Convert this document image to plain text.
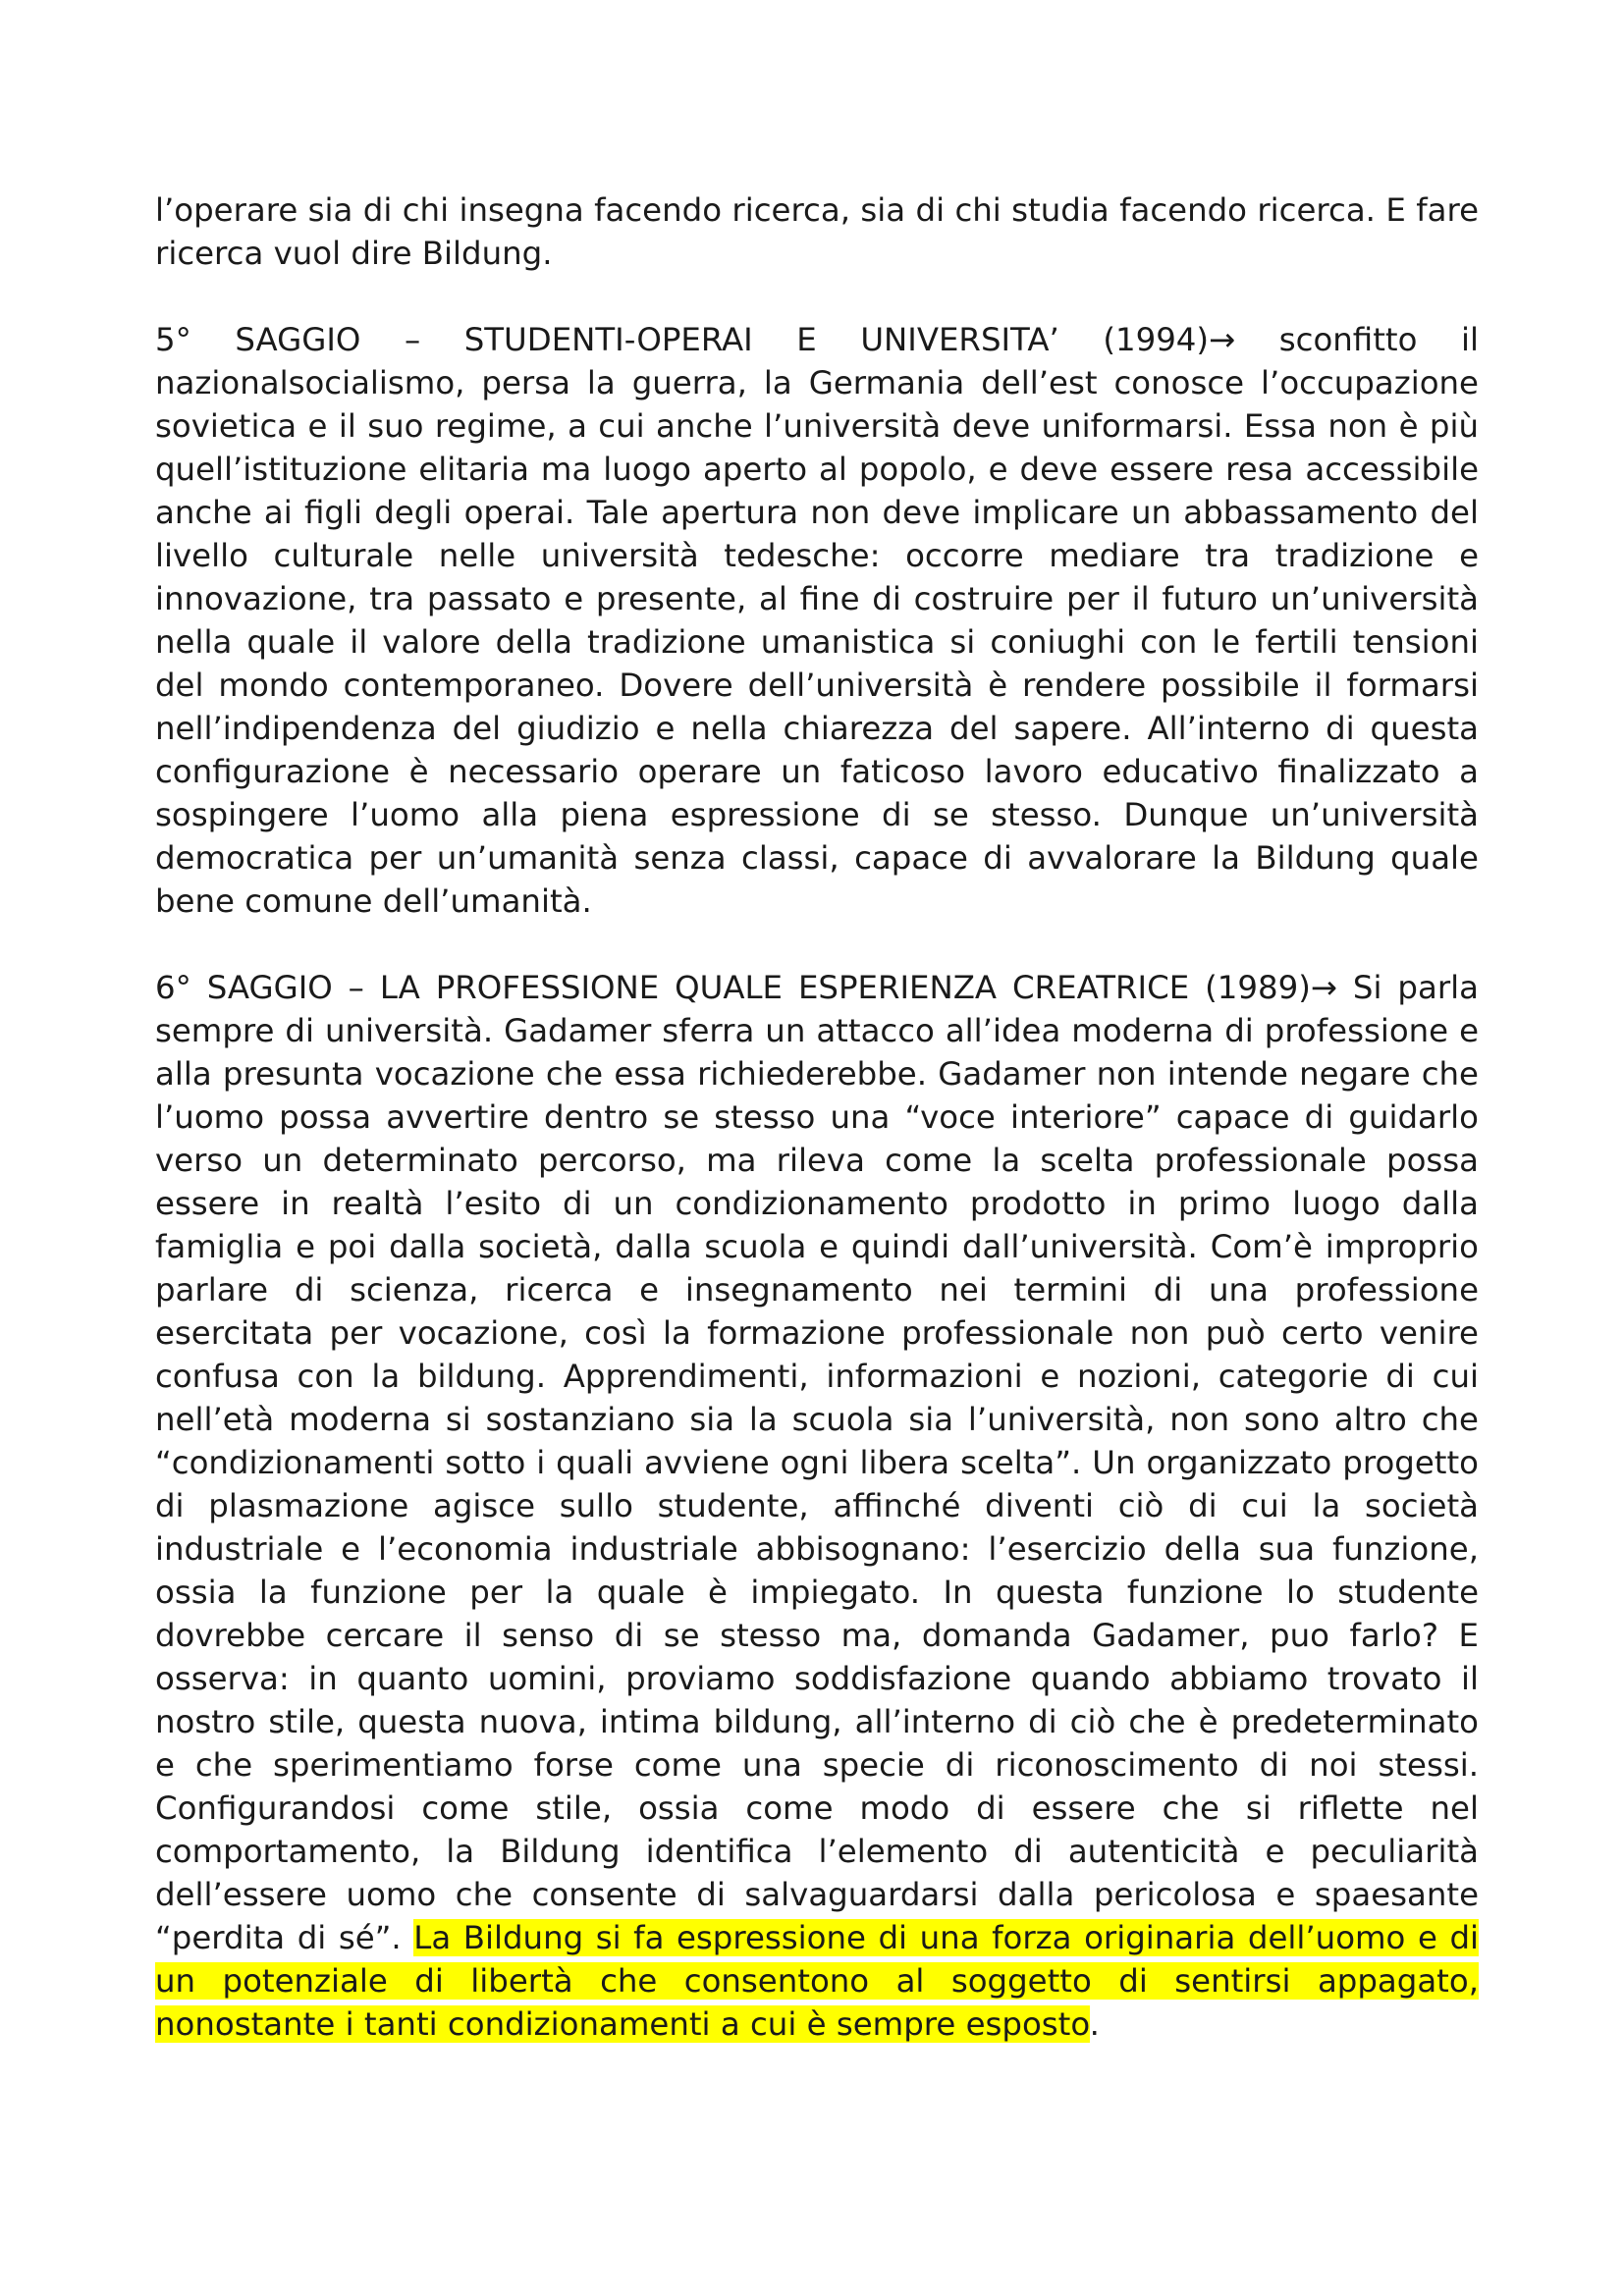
l’operare sia di chi insegna facendo ricerca, sia di chi studia facendo ricerca. E fare ricerca vuol dire Bildung.

5° SAGGIO – STUDENTI-OPERAI E UNIVERSITA’ (1994)→ sconfitto il nazionalsocialismo, persa la guerra, la Germania dell’est conosce l’occupazione sovietica e il suo regime, a cui anche l’università deve uniformarsi. Essa non è più quell’istituzione elitaria ma luogo aperto al popolo, e deve essere resa accessibile anche ai figli degli operai. Tale apertura non deve implicare un abbassamento del livello culturale nelle università tedesche: occorre mediare tra tradizione e innovazione, tra passato e presente, al fine di costruire per il futuro un’università nella quale il valore della tradizione umanistica si coniughi con le fertili tensioni del mondo contemporaneo. Dovere dell’università è rendere possibile il formarsi nell’indipendenza del giudizio e nella chiarezza del sapere. All’interno di questa configurazione è necessario operare un faticoso lavoro educativo finalizzato a sospingere l’uomo alla piena espressione di se stesso. Dunque un’università democratica per un’umanità senza classi, capace di avvalorare la Bildung quale bene comune dell’umanità.

6° SAGGIO – LA PROFESSIONE QUALE ESPERIENZA CREATRICE (1989)→ Si parla sempre di università. Gadamer sferra un attacco all’idea moderna di professione e alla presunta vocazione che essa richiederebbe. Gadamer non intende negare che l’uomo possa avvertire dentro se stesso una “voce interiore” capace di guidarlo verso un determinato percorso, ma rileva come la scelta professionale possa essere in realtà l’esito di un condizionamento prodotto in primo luogo dalla famiglia e poi dalla società, dalla scuola e quindi dall’università. Com’è improprio parlare di scienza, ricerca e insegnamento nei termini di una professione esercitata per vocazione, così la formazione professionale non può certo venire confusa con la bildung. Apprendimenti, informazioni e nozioni, categorie di cui nell’età moderna si sostanziano sia la scuola sia l’università, non sono altro che “condizionamenti sotto i quali avviene ogni libera scelta”. Un organizzato progetto di plasmazione agisce sullo studente, affinché diventi ciò di cui la società industriale e l’economia industriale abbisognano: l’esercizio della sua funzione, ossia la funzione per la quale è impiegato. In questa funzione lo studente dovrebbe cercare il senso di se stesso ma, domanda Gadamer, puo farlo? E osserva: in quanto uomini, proviamo soddisfazione quando abbiamo trovato il nostro stile, questa nuova, intima bildung, all’interno di ciò che è predeterminato e che sperimentiamo forse come una specie di riconoscimento di noi stessi. Configurandosi come stile, ossia come modo di essere che si riflette nel comportamento, la Bildung identifica l’elemento di autenticità e peculiarità dell’essere uomo che consente di salvaguardarsi dalla pericolosa e spaesante “perdita di sé”. La Bildung si fa espressione di una forza originaria dell’uomo e di un potenziale di libertà che consentono al soggetto di sentirsi appagato, nonostante i tanti condizionamenti a cui è sempre esposto.
